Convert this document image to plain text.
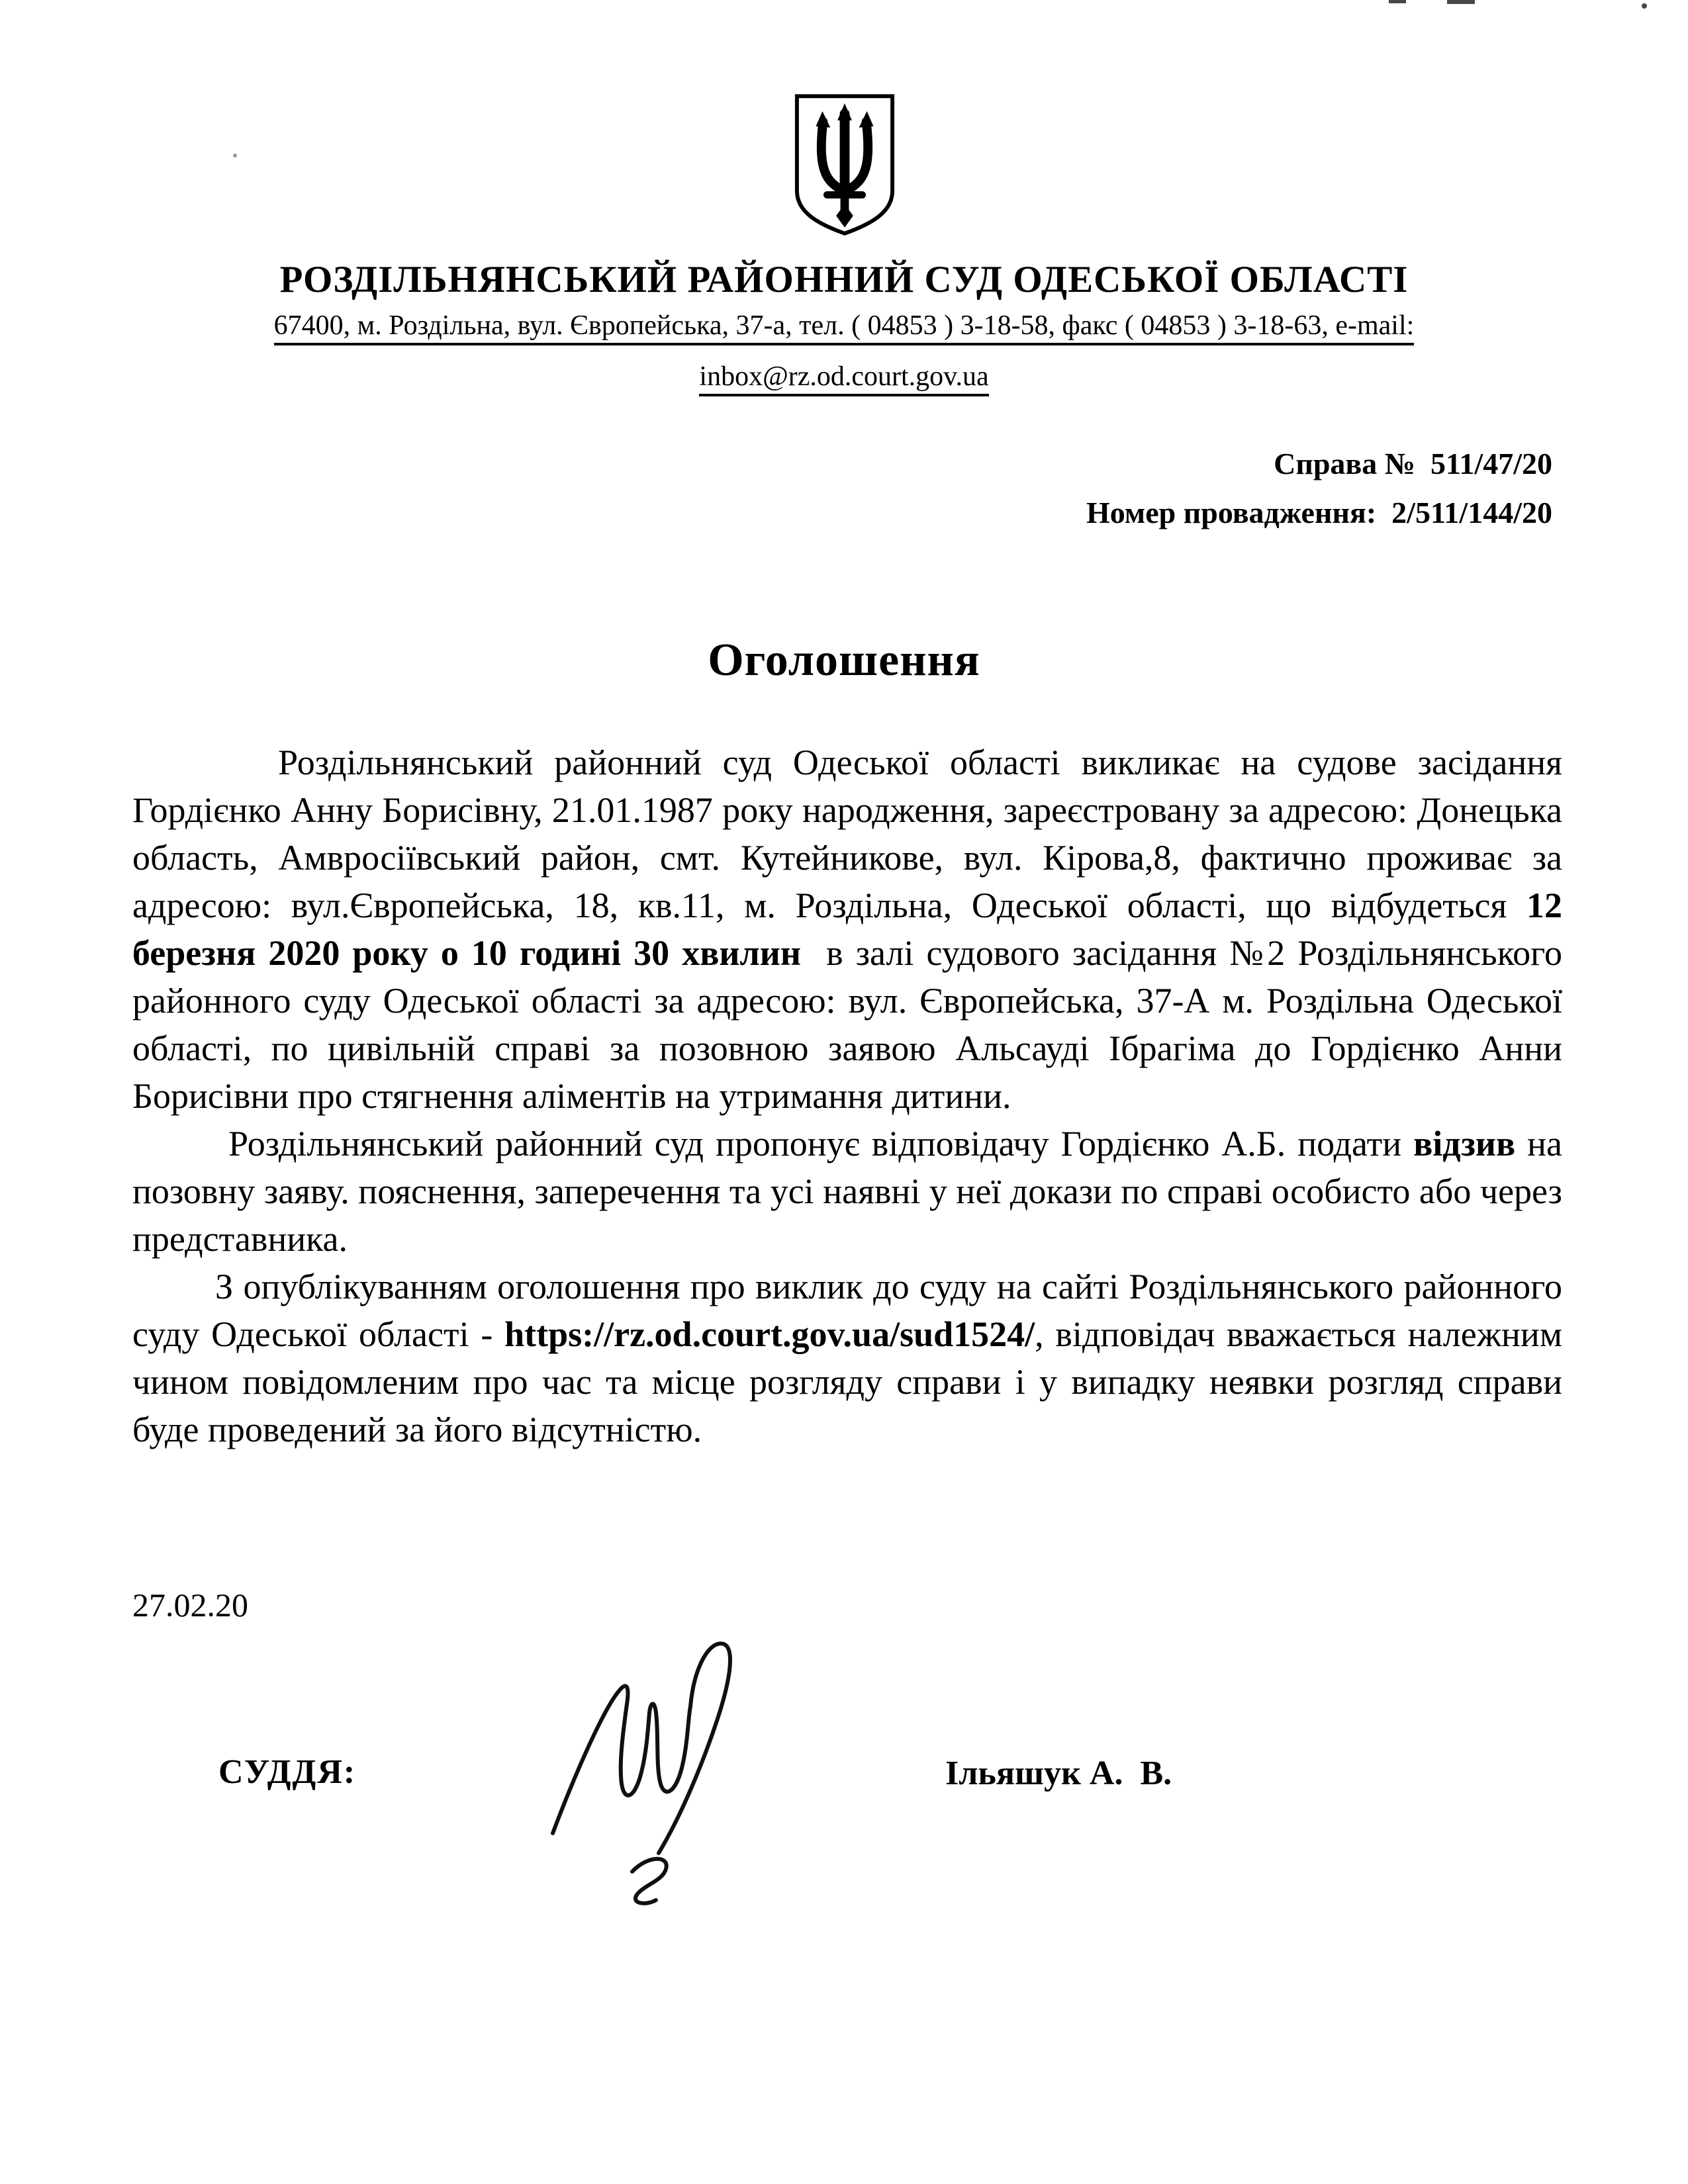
РОЗДІЛЬНЯНСЬКИЙ РАЙОННИЙ СУД ОДЕСЬКОЇ ОБЛАСТІ
67400, м. Роздільна, вул. Європейська, 37-а, тел. ( 04853 ) 3-18-58, факс ( 04853 ) 3-18-63, e-mail:
inbox@rz.od.court.gov.ua
Справа №  511/47/20
Номер провадження:  2/511/144/20
Оголошення

Роздільнянський районний суд Одеської області викликає на судове засідання Гордієнко Анну Борисівну, 21.01.1987 року народження, зареєстровану за адресою: Донецька область, Амвросіївський район, смт. Кутейникове, вул. Кірова,8, фактично проживає за адресою: вул.Європейська, 18, кв.11, м. Роздільна, Одеської області, що відбудеться 12 березня 2020 року о 10 годині 30 хвилин  в залі судового засідання №2 Роздільнянського районного суду Одеської області за адресою: вул. Європейська, 37-А м. Роздільна Одеської області, по цивільній справі за позовною заявою Альсауді Ібрагіма до Гордієнко Анни Борисівни про стягнення аліментів на утримання дитини.

Роздільнянський районний суд пропонує відповідачу Гордієнко А.Б. подати відзив на позовну заяву. пояснення, заперечення та усі наявні у неї докази по справі особисто або через представника.

З опублікуванням оголошення про виклик до суду на сайті Роздільнянського районного суду Одеської області - https://rz.od.court.gov.ua/sud1524/, відповідач вважається належним чином повідомленим про час та місце розгляду справи і у випадку неявки розгляд справи буде проведений за його відсутністю.

27.02.20
СУДДЯ:	Ільяшук А.  В.
